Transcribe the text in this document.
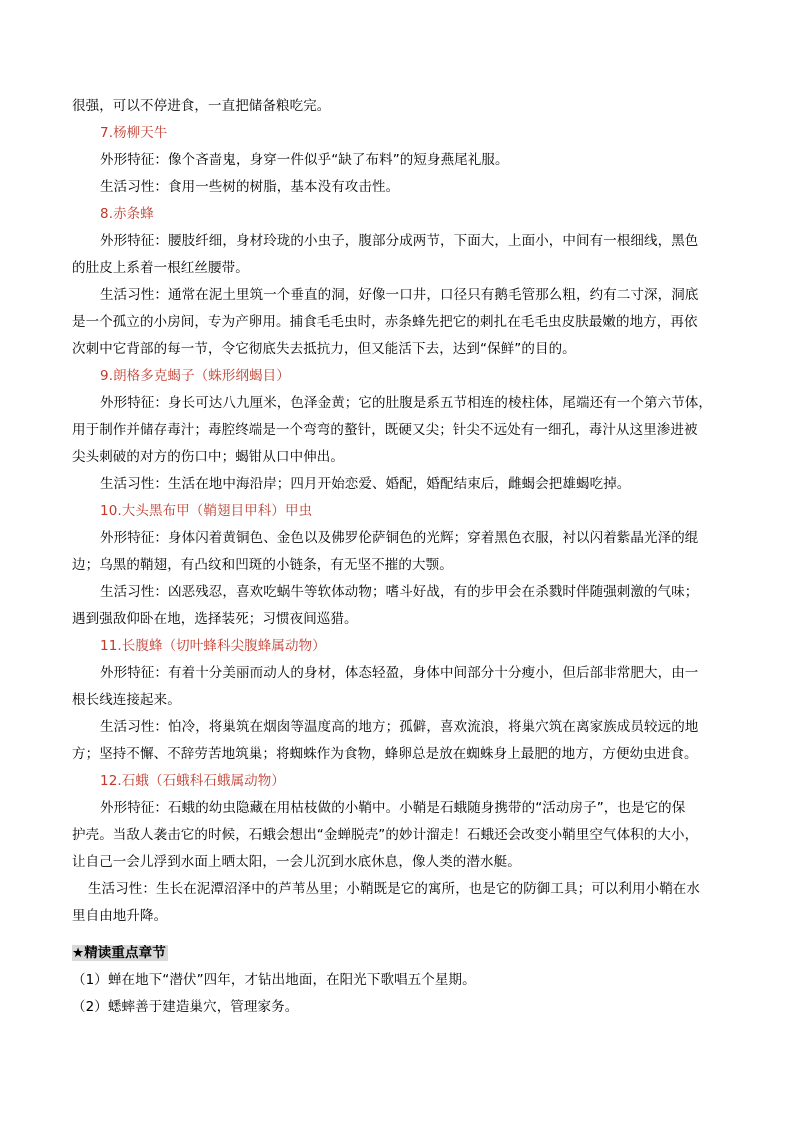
很强，可以不停进食，一直把储备粮吃完。
7.杨柳天牛
外形特征：像个吝啬鬼，身穿一件似乎“缺了布料”的短身燕尾礼服。
生活习性：食用一些树的树脂，基本没有攻击性。
8.赤条蜂
外形特征：腰肢纤细，身材玲珑的小虫子，腹部分成两节，下面大，上面小，中间有一根细线，黑色
的肚皮上系着一根红丝腰带。
生活习性：通常在泥土里筑一个垂直的洞，好像一口井，口径只有鹅毛管那么粗，约有二寸深，洞底
是一个孤立的小房间，专为产卵用。捕食毛毛虫时，赤条蜂先把它的刺扎在毛毛虫皮肤最嫩的地方，再依
次刺中它背部的每一节，令它彻底失去抵抗力，但又能活下去，达到“保鲜”的目的。
9.朗格多克蝎子（蛛形纲蝎目）
外形特征：身长可达八九厘米，色泽金黄；它的肚腹是系五节相连的棱柱体，尾端还有一个第六节体，
用于制作并储存毒汁；毒腔终端是一个弯弯的螯针，既硬又尖；针尖不远处有一细孔，毒汁从这里渗进被
尖头刺破的对方的伤口中；蝎钳从口中伸出。
生活习性：生活在地中海沿岸；四月开始恋爱、婚配，婚配结束后，雌蝎会把雄蝎吃掉。
10.大头黑布甲（鞘翅目甲科）甲虫
外形特征：身体闪着黄铜色、金色以及佛罗伦萨铜色的光辉；穿着黑色衣服，衬以闪着紫晶光泽的绲
边；乌黑的鞘翅，有凸纹和凹斑的小链条，有无坚不摧的大颚。
生活习性：凶恶残忍，喜欢吃蜗牛等软体动物；嗜斗好战，有的步甲会在杀戮时伴随强刺激的气味；
遇到强敌仰卧在地，选择装死；习惯夜间巡猎。
11.长腹蜂（切叶蜂科尖腹蜂属动物）
外形特征：有着十分美丽而动人的身材，体态轻盈，身体中间部分十分瘦小，但后部非常肥大，由一
根长线连接起来。
生活习性：怕冷，将巢筑在烟囱等温度高的地方；孤僻，喜欢流浪，将巢穴筑在离家族成员较远的地
方；坚持不懈、不辞劳苦地筑巢；将蜘蛛作为食物，蜂卵总是放在蜘蛛身上最肥的地方，方便幼虫进食。
12.石蛾（石蛾科石蛾属动物）
外形特征：石蛾的幼虫隐藏在用枯枝做的小鞘中。小鞘是石蛾随身携带的“活动房子”，也是它的保
护壳。当敌人袭击它的时候，石蛾会想出“金蝉脱壳”的妙计溜走！石蛾还会改变小鞘里空气体积的大小，
让自己一会儿浮到水面上晒太阳，一会儿沉到水底休息，像人类的潜水艇。
生活习性：生长在泥潭沼泽中的芦苇丛里；小鞘既是它的寓所，也是它的防御工具；可以利用小鞘在水
里自由地升降。
★精读重点章节
（1）蝉在地下“潜伏”四年，才钻出地面，在阳光下歌唱五个星期。
（2）蟋蟀善于建造巢穴，管理家务。
